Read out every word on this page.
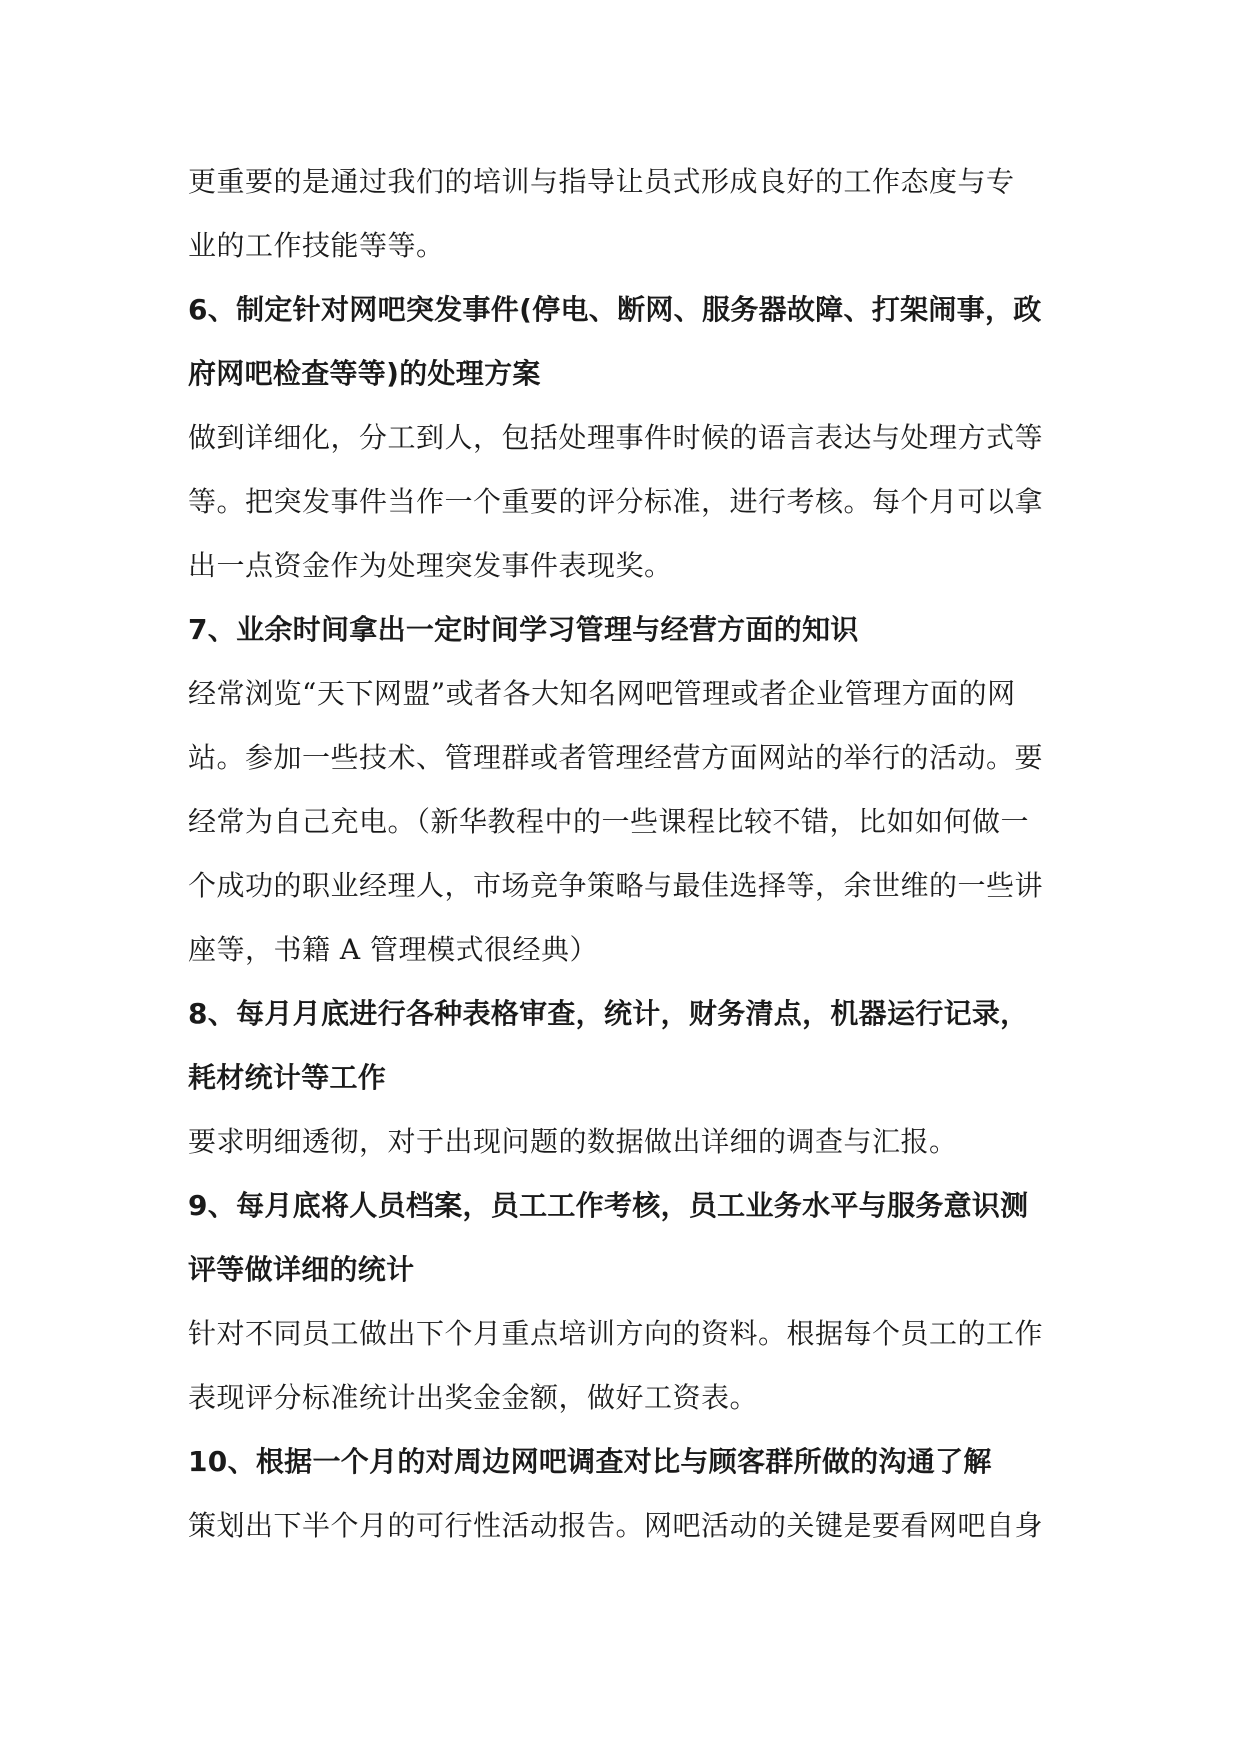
更重要的是通过我们的培训与指导让员式形成良好的工作态度与专
业的工作技能等等。
6、制定针对网吧突发事件(停电、断网、服务器故障、打架闹事，政
府网吧检查等等)的处理方案
做到详细化，分工到人，包括处理事件时候的语言表达与处理方式等
等。把突发事件当作一个重要的评分标准，进行考核。每个月可以拿
出一点资金作为处理突发事件表现奖。
7、业余时间拿出一定时间学习管理与经营方面的知识
经常浏览“天下网盟”或者各大知名网吧管理或者企业管理方面的网
站。参加一些技术、管理群或者管理经营方面网站的举行的活动。要
经常为自己充电。（新华教程中的一些课程比较不错，比如如何做一
个成功的职业经理人，市场竞争策略与最佳选择等，余世维的一些讲
座等，书籍 A 管理模式很经典）
8、每月月底进行各种表格审查，统计，财务清点，机器运行记录，
耗材统计等工作
要求明细透彻，对于出现问题的数据做出详细的调查与汇报。
9、每月底将人员档案，员工工作考核，员工业务水平与服务意识测
评等做详细的统计
针对不同员工做出下个月重点培训方向的资料。根据每个员工的工作
表现评分标准统计出奖金金额，做好工资表。
10、根据一个月的对周边网吧调查对比与顾客群所做的沟通了解
策划出下半个月的可行性活动报告。网吧活动的关键是要看网吧自身
